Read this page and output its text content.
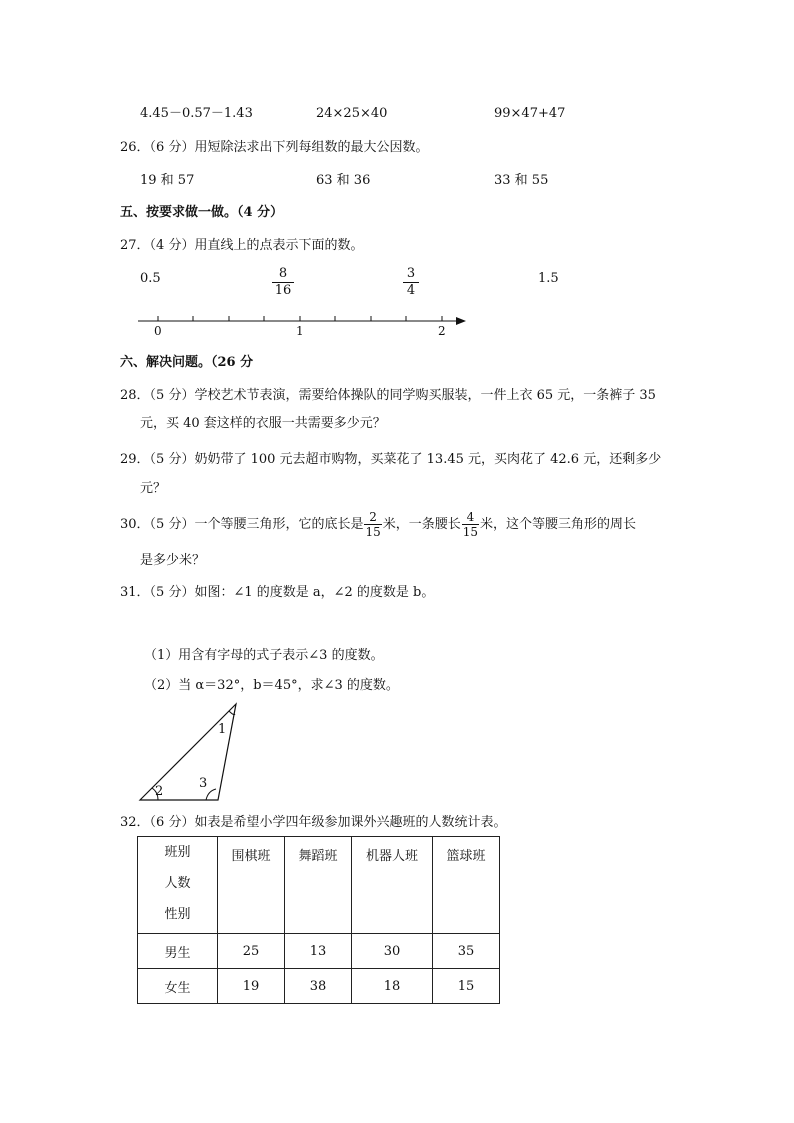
4.45－0.57－1.43	24×25×40	99×47+47
26．（6 分）用短除法求出下列每组数的最大公因数。
19 和 57	63 和 36	33 和 55
五、按要求做一做。（4 分）
27．（4 分）用直线上的点表示下面的数。
0.5	$\frac{8}{16}$	$\frac{3}{4}$	1.5
0	1	2
六、解决问题。（26 分
28．（5 分）学校艺术节表演，需要给体操队的同学购买服装，一件上衣 65 元，一条裤子 35
元，买 40 套这样的衣服一共需要多少元？
29．（5 分）奶奶带了 100 元去超市购物，买菜花了 13.45 元，买肉花了 42.6 元，还剩多少
元？
30．（5 分）一个等腰三角形，它的底长是 $\frac{2}{15}$ 米，一条腰长 $\frac{4}{15}$ 米，这个等腰三角形的周长
是多少米？
31．（5 分）如图：∠1 的度数是 a，∠2 的度数是 b。
（1）用含有字母的式子表示∠3 的度数。
（2）当 α＝32°，b＝45°，求∠3 的度数。
1
2
3
32．（6 分）如表是希望小学四年级参加课外兴趣班的人数统计表。
班别
人数
性别	围棋班	舞蹈班	机器人班	篮球班
男生	25	13	30	35
女生	19	38	18	15
